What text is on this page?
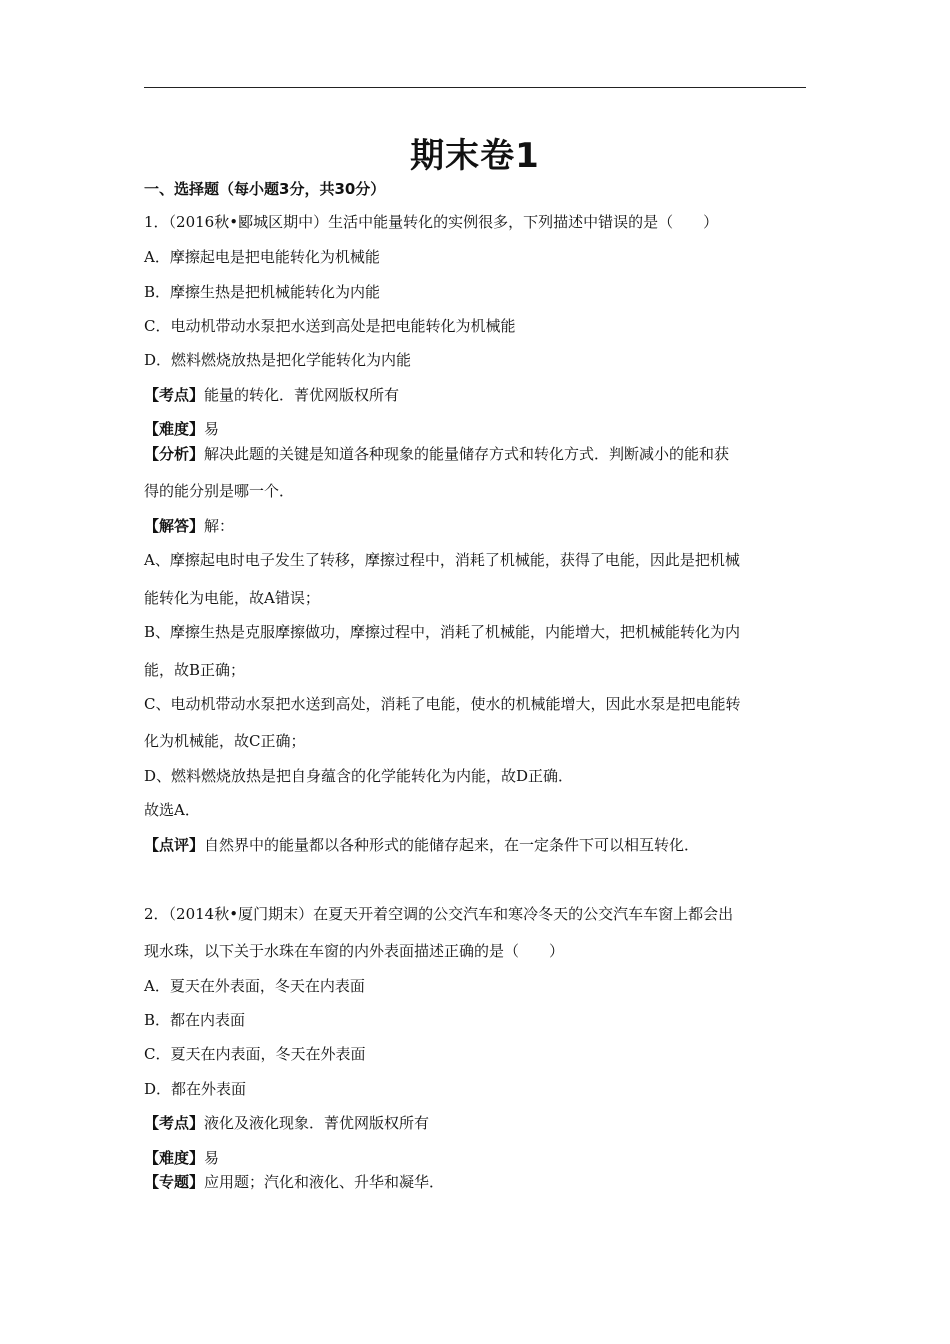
期末卷1
一、选择题（每小题3分，共30分）
1．（2016秋•郾城区期中）生活中能量转化的实例很多，下列描述中错误的是（　　）
A．摩擦起电是把电能转化为机械能
B．摩擦生热是把机械能转化为内能
C．电动机带动水泵把水送到高处是把电能转化为机械能
D．燃料燃烧放热是把化学能转化为内能
【考点】能量的转化．菁优网版权所有
【难度】易
【分析】解决此题的关键是知道各种现象的能量储存方式和转化方式．判断减小的能和获
得的能分别是哪一个．
【解答】解：
A、摩擦起电时电子发生了转移，摩擦过程中，消耗了机械能，获得了电能，因此是把机械
能转化为电能，故A错误；
B、摩擦生热是克服摩擦做功，摩擦过程中，消耗了机械能，内能增大，把机械能转化为内
能，故B正确；
C、电动机带动水泵把水送到高处，消耗了电能，使水的机械能增大，因此水泵是把电能转
化为机械能，故C正确；
D、燃料燃烧放热是把自身蕴含的化学能转化为内能，故D正确．
故选A．
【点评】自然界中的能量都以各种形式的能储存起来，在一定条件下可以相互转化．
2．（2014秋•厦门期末）在夏天开着空调的公交汽车和寒冷冬天的公交汽车车窗上都会出
现水珠，以下关于水珠在车窗的内外表面描述正确的是（　　）
A．夏天在外表面，冬天在内表面
B．都在内表面
C．夏天在内表面，冬天在外表面
D．都在外表面
【考点】液化及液化现象．菁优网版权所有
【难度】易
【专题】应用题；汽化和液化、升华和凝华．
